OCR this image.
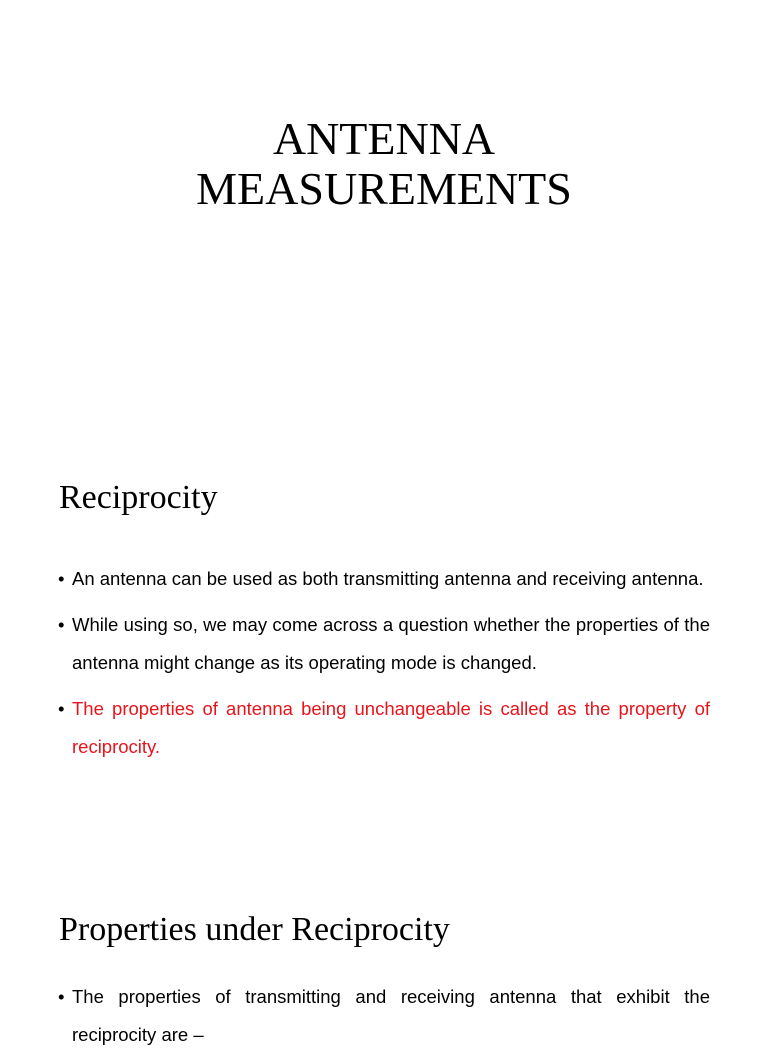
ANTENNA
MEASUREMENTS
Reciprocity
• An antenna can be used as both transmitting antenna and receiving antenna.
• While using so, we may come across a question whether the properties of the antenna might change as its operating mode is changed.
• The properties of antenna being unchangeable is called as the property of reciprocity.
Properties under Reciprocity
• The properties of transmitting and receiving antenna that exhibit the reciprocity are –
